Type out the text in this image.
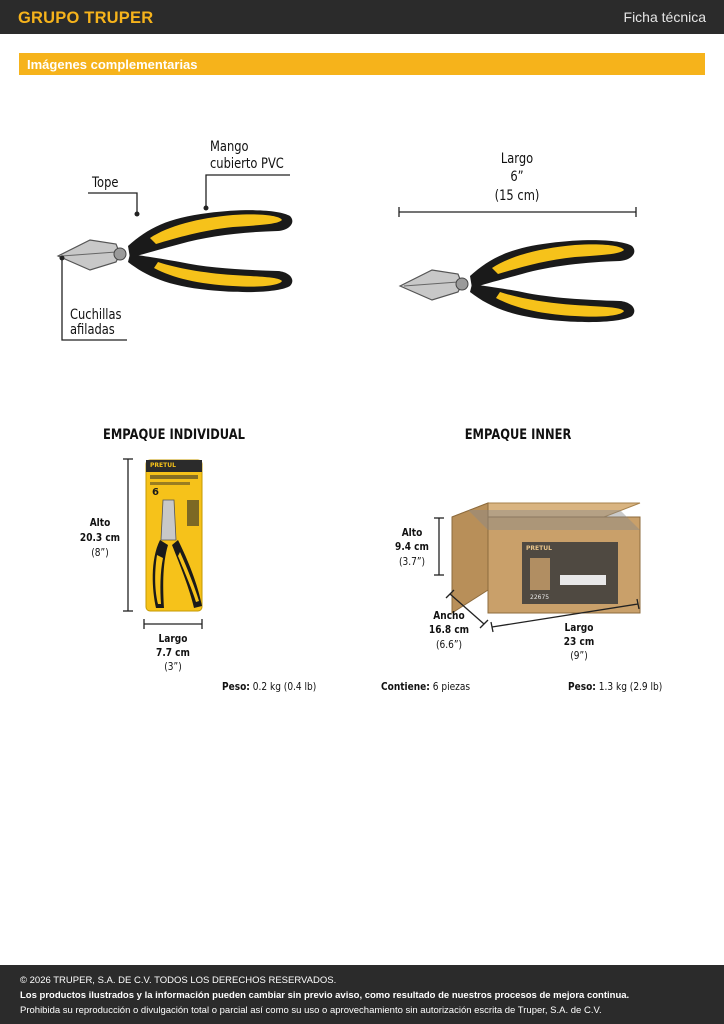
GRUPO TRUPER	Ficha técnica
Imágenes complementarias
Mango
cubierto PVC
Tope
Cuchillas
afiladas
Largo
6”
(15 cm)
EMPAQUE INDIVIDUAL
Alto
20.3 cm
(8”)
Largo
7.7 cm
(3”)
Peso: 0.2 kg (0.4 lb)
PRETUL
6
EMPAQUE INNER
Alto
9.4 cm
(3.7”)
Ancho
16.8 cm
(6.6”)
Largo
23 cm
(9”)
Contiene: 6 piezas	Peso: 1.3 kg (2.9 lb)
PRETUL
22675
© 2026 TRUPER, S.A. DE C.V. TODOS LOS DERECHOS RESERVADOS.
Los productos ilustrados y la información pueden cambiar sin previo aviso, como resultado de nuestros procesos de mejora continua.
Prohibida su reproducción o divulgación total o parcial así como su uso o aprovechamiento sin autorización escrita de Truper, S.A. de C.V.
